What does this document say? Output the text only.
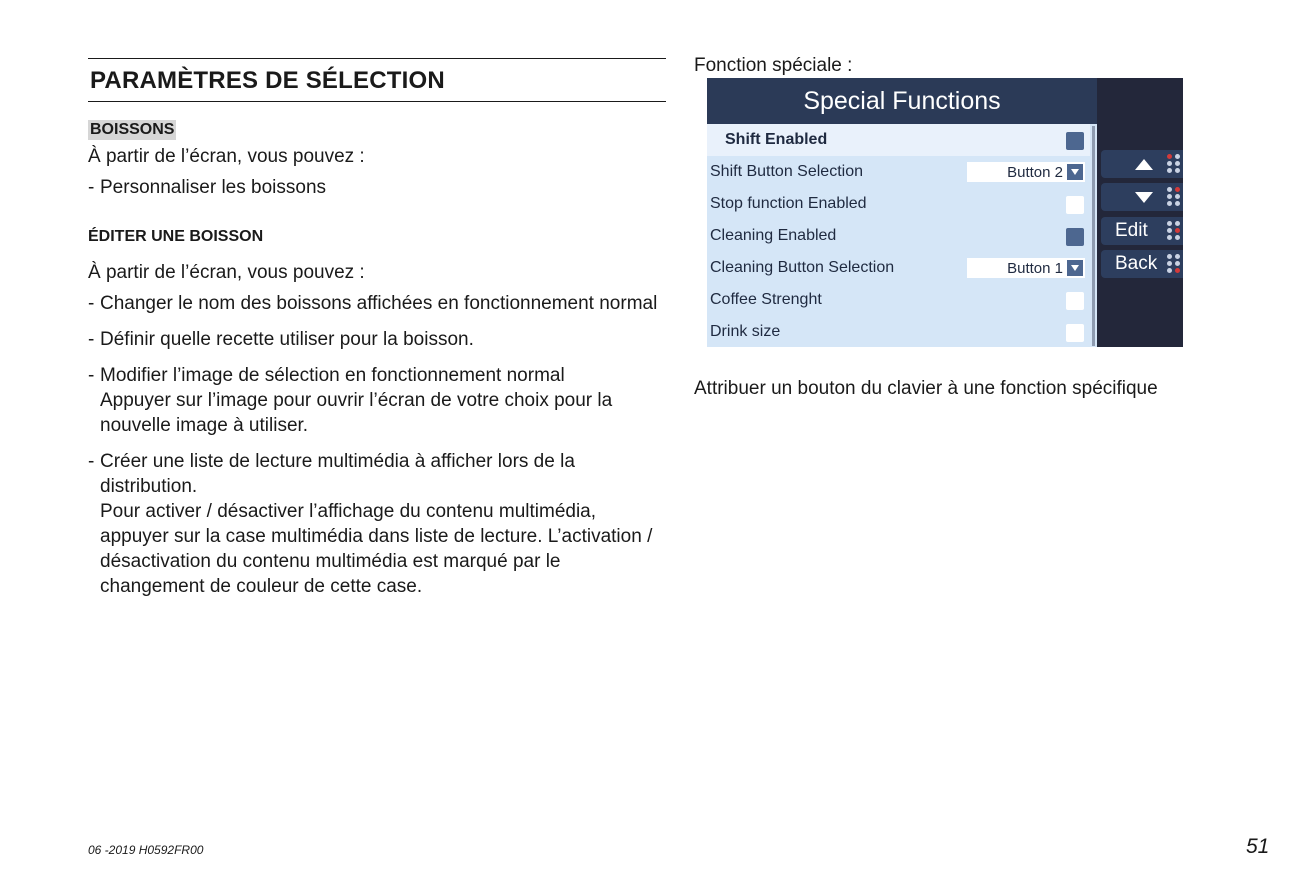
PARAMÈTRES DE SÉLECTION
BOISSONS

À partir de l’écran, vous pouvez :

- Personnaliser les boissons
ÉDITER UNE BOISSON

À partir de l’écran, vous pouvez :

- Changer le nom des boissons affichées en fonctionnement normal
- Définir quelle recette utiliser pour la boisson.
- Modifier l’image de sélection en fonctionnement normal
Appuyer sur l’image pour ouvrir l’écran de votre choix pour la nouvelle image à utiliser.
- Créer une liste de lecture multimédia à afficher lors de la distribution.
Pour activer / désactiver l’affichage du contenu multimédia, appuyer sur la case multimédia dans liste de lecture. L’activation / désactivation du contenu multimédia est marqué par le changement de couleur de cette case.
Fonction spéciale :
Special Functions
Shift Enabled
Shift Button Selection	Button 2
Stop function Enabled
Cleaning Enabled
Cleaning Button Selection	Button 1
Coffee Strenght
Drink size
Edit
Back
Attribuer un bouton du clavier à une fonction spécifique
06 -2019 H0592FR00	51
